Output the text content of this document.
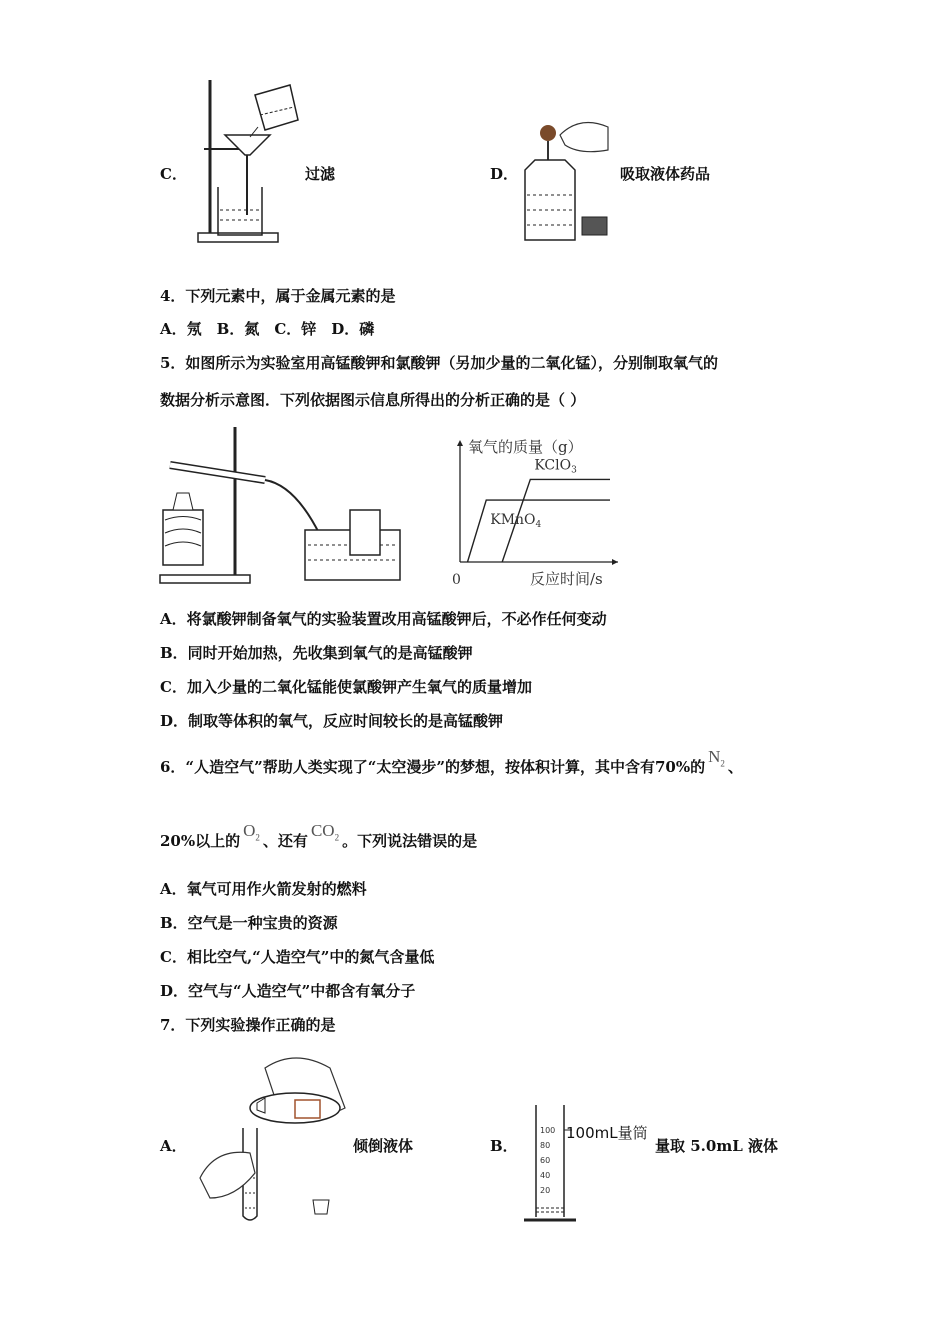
C．	过滤	D．	吸取液体药品
4．下列元素中，属于金属元素的是
A．氖　B．氮　C．锌　D．磷
5．如图所示为实验室用高锰酸钾和氯酸钾（另加少量的二氧化锰），分别制取氧气的
数据分析示意图．下列依据图示信息所得出的分析正确的是（ ）
氧气的质量（g）
反应时间/s
0
KClO$_3$
KMnO$_4$
A．将氯酸钾制备氧气的实验装置改用高锰酸钾后，不必作任何变动
B．同时开始加热，先收集到氧气的是高锰酸钾
C．加入少量的二氧化锰能使氯酸钾产生氧气的质量增加
D．制取等体积的氧气，反应时间较长的是高锰酸钾
6．“人造空气”帮助人类实现了“太空漫步”的梦想，按体积计算，其中含有70%的$N_2$ 、
20%以上的$O_2$ 、还有$CO_2$ 。下列说法错误的是
A．氧气可用作火箭发射的燃料
B．空气是一种宝贵的资源
C．相比空气,“人造空气”中的氮气含量低
D．空气与“人造空气”中都含有氧分子
7．下列实验操作正确的是
A．	倾倒液体
100mL量筒
100
80
60
40
20
B．	量取 5.0mL 液体
